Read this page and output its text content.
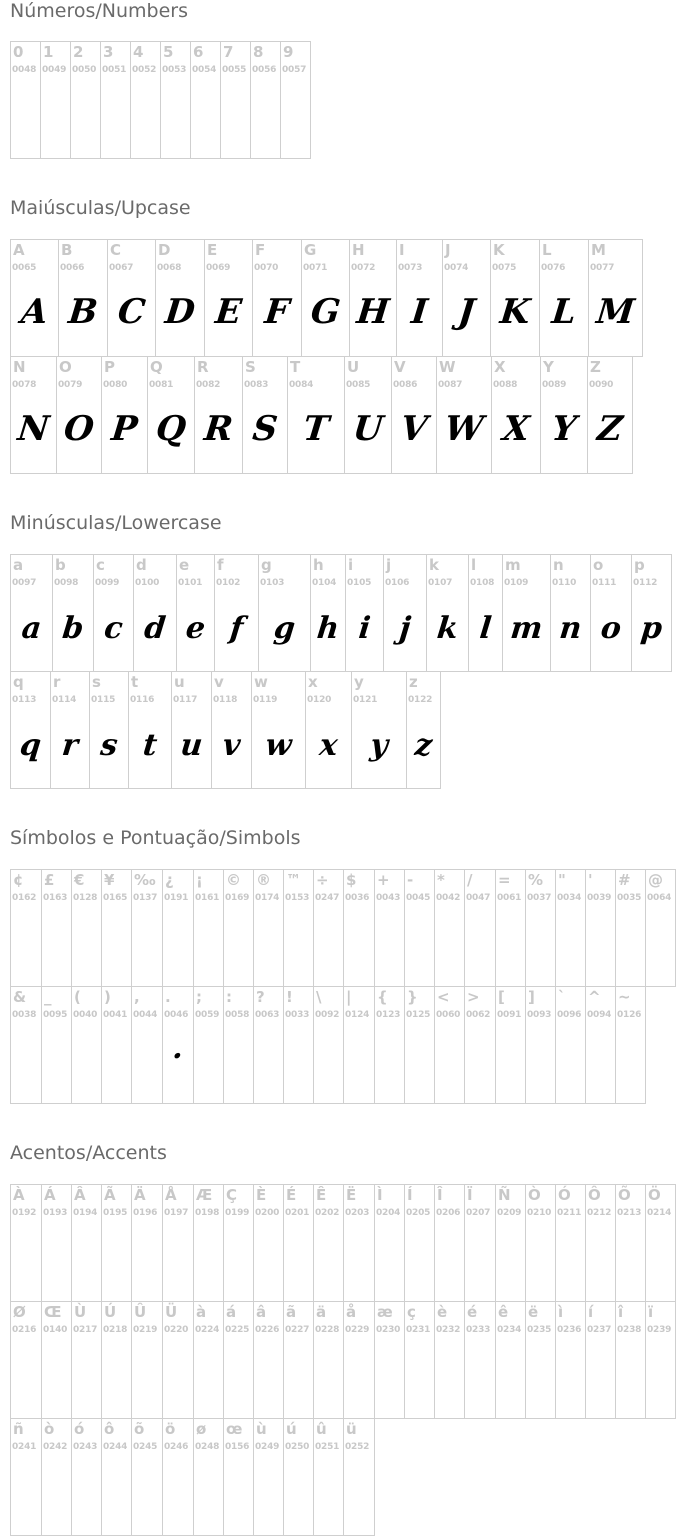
Números/Numbers
0
0048
1
0049
2
0050
3
0051
4
0052
5
0053
6
0054
7
0055
8
0056
9
0057
Maiúsculas/Upcase
A
0065
A
B
0066
B
C
0067
C
D
0068
D
E
0069
E
F
0070
F
G
0071
G
H
0072
H
I
0073
I
J
0074
J
K
0075
K
L
0076
L
M
0077
M
N
0078
N
O
0079
O
P
0080
P
Q
0081
Q
R
0082
R
S
0083
S
T
0084
T
U
0085
U
V
0086
V
W
0087
W
X
0088
X
Y
0089
Y
Z
0090
Z
Minúsculas/Lowercase
a
0097
a
b
0098
b
c
0099
c
d
0100
d
e
0101
e
f
0102
f
g
0103
g
h
0104
h
i
0105
i
j
0106
j
k
0107
k
l
0108
l
m
0109
m
n
0110
n
o
0111
o
p
0112
p
q
0113
q
r
0114
r
s
0115
s
t
0116
t
u
0117
u
v
0118
v
w
0119
w
x
0120
x
y
0121
y
z
0122
z
Símbolos e Pontuação/Simbols
¢
0162
£
0163
€
0128
¥
0165
‰
0137
¿
0191
¡
0161
©
0169
®
0174
™
0153
÷
0247
$
0036
+
0043
-
0045
*
0042
/
0047
=
0061
%
0037
"
0034
'
0039
#
0035
@
0064
&
0038
_
0095
(
0040
)
0041
,
0044
.
0046
.
;
0059
:
0058
?
0063
!
0033
\
0092
|
0124
{
0123
}
0125
<
0060
>
0062
[
0091
]
0093
`
0096
^
0094
~
0126
Acentos/Accents
À
0192
Á
0193
Â
0194
Ã
0195
Ä
0196
Å
0197
Æ
0198
Ç
0199
È
0200
É
0201
Ê
0202
Ë
0203
Ì
0204
Í
0205
Î
0206
Ï
0207
Ñ
0209
Ò
0210
Ó
0211
Ô
0212
Õ
0213
Ö
0214
Ø
0216
Œ
0140
Ù
0217
Ú
0218
Û
0219
Ü
0220
à
0224
á
0225
â
0226
ã
0227
ä
0228
å
0229
æ
0230
ç
0231
è
0232
é
0233
ê
0234
ë
0235
ì
0236
í
0237
î
0238
ï
0239
ñ
0241
ò
0242
ó
0243
ô
0244
õ
0245
ö
0246
ø
0248
œ
0156
ù
0249
ú
0250
û
0251
ü
0252
